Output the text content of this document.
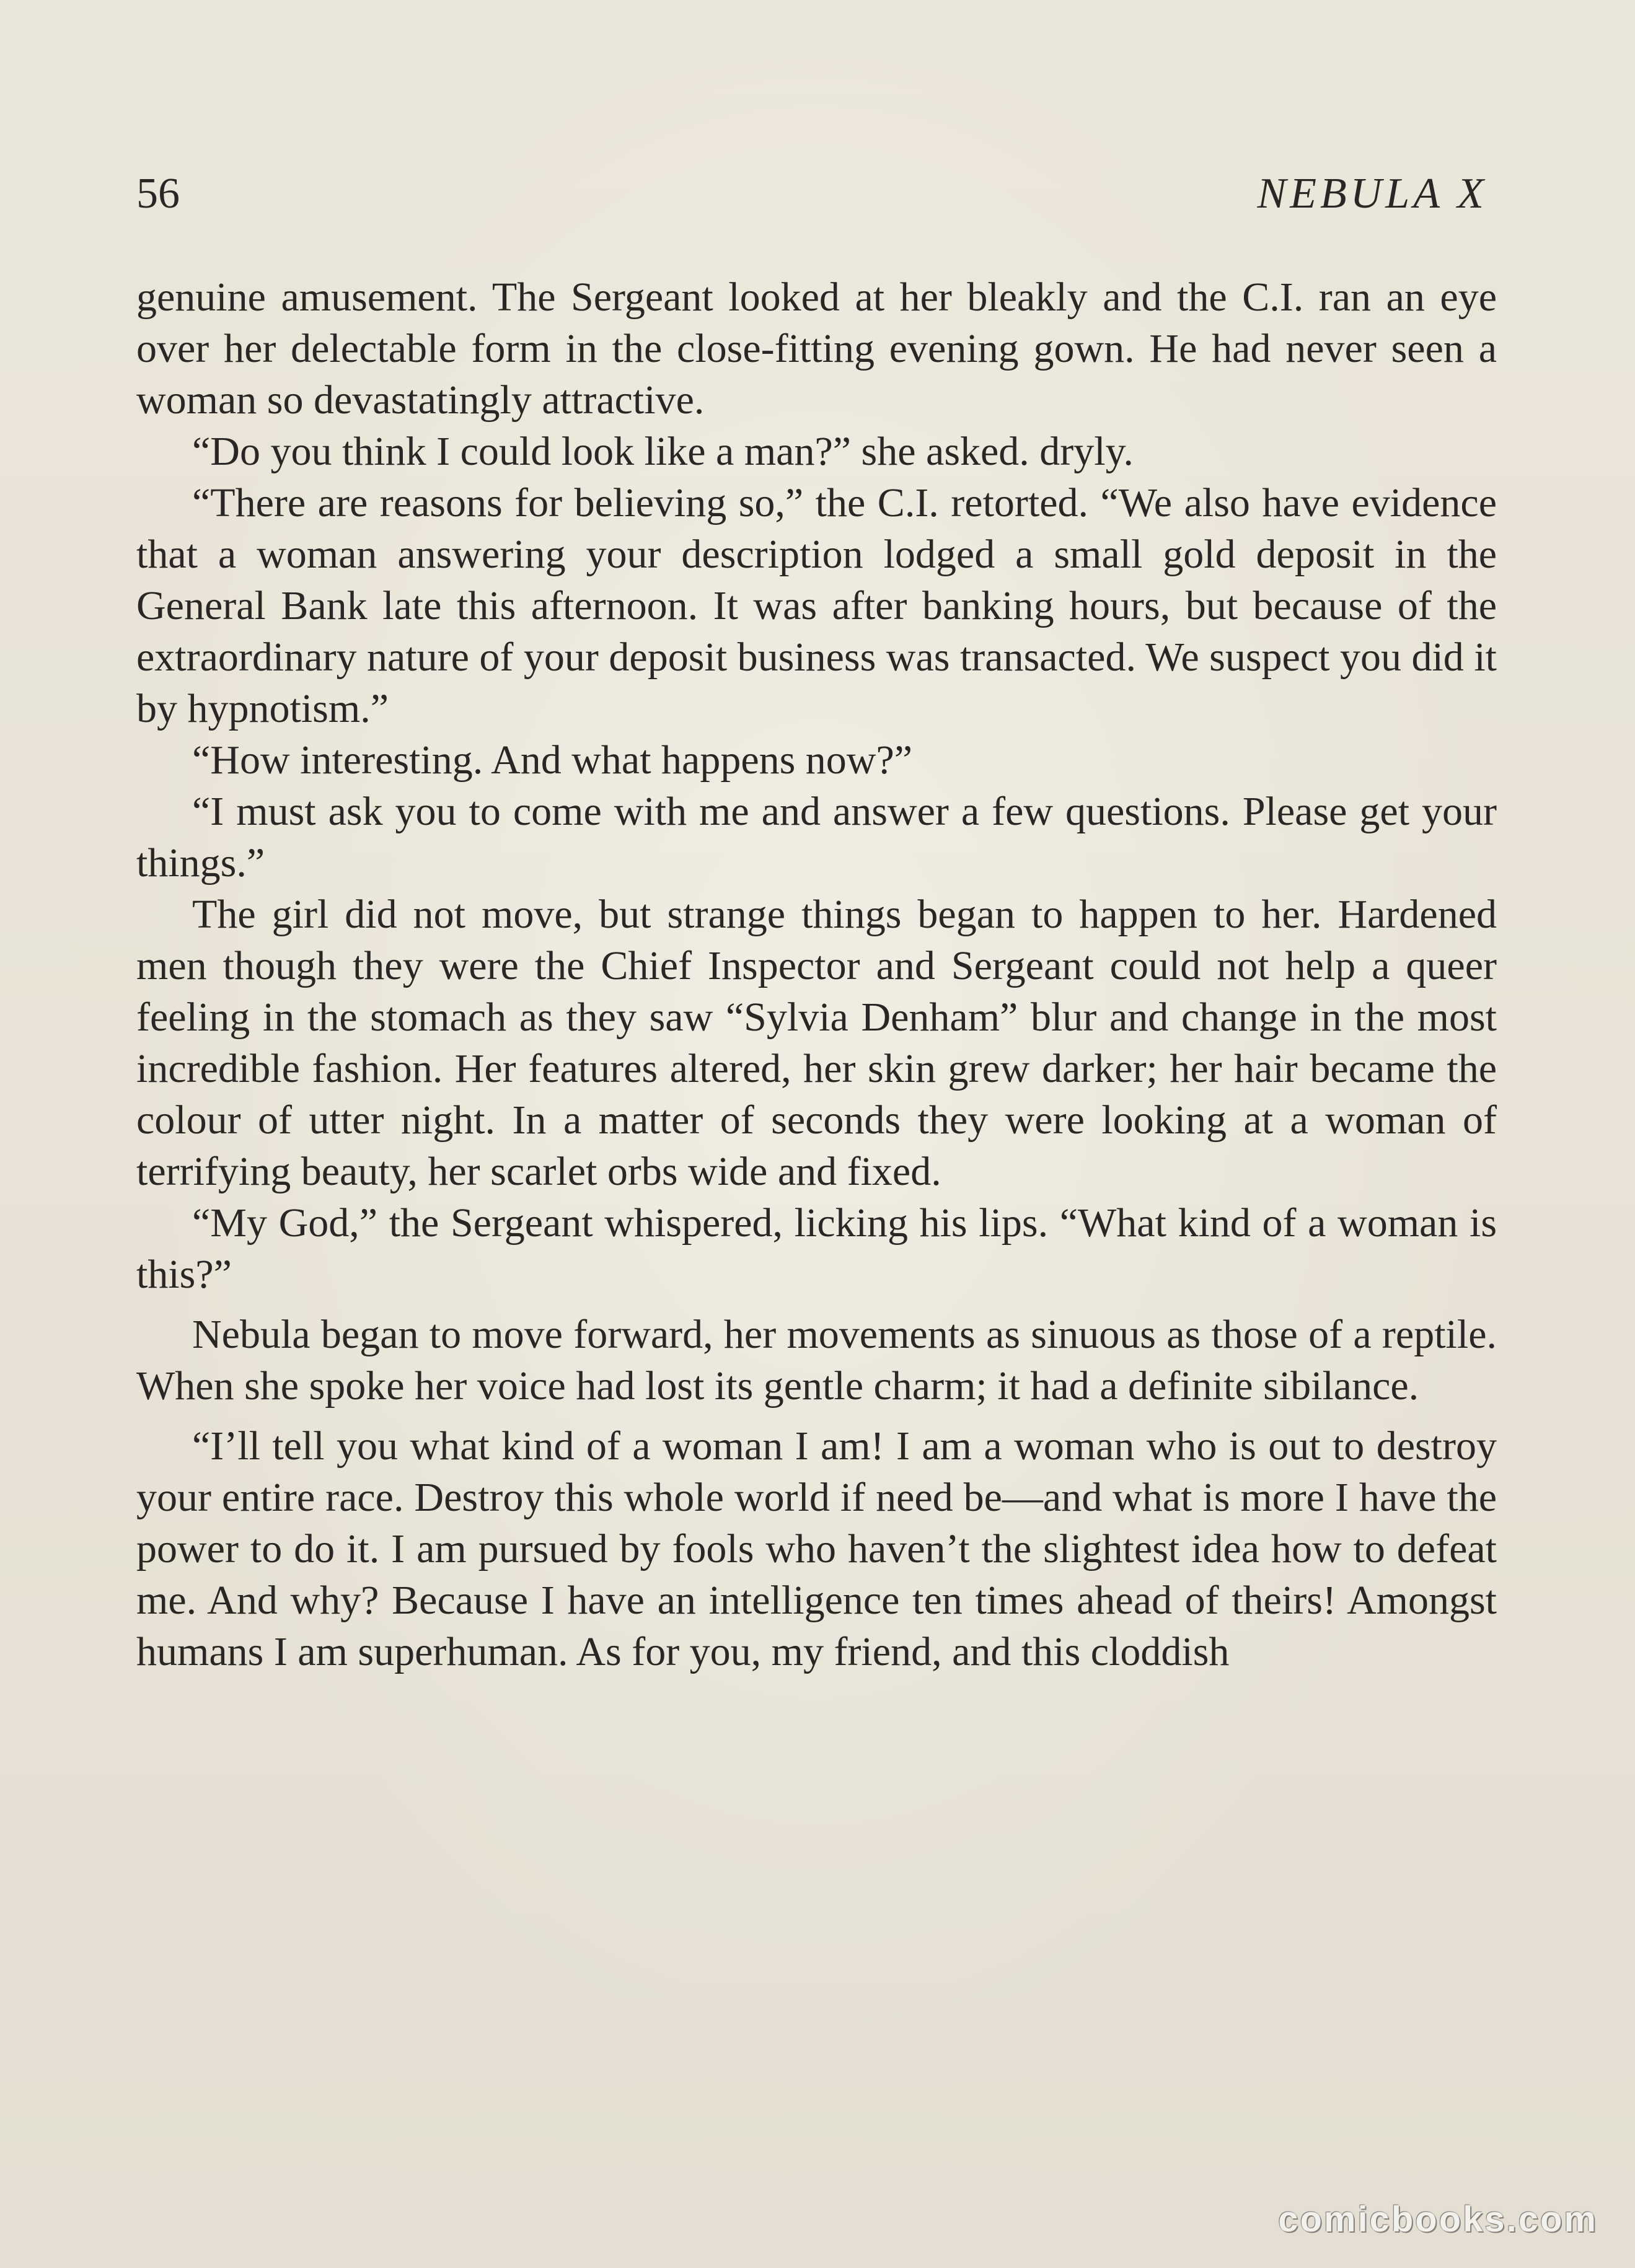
56	NEBULA X

genuine amusement. The Sergeant looked at her bleakly and the C.I. ran an eye over her delectable form in the close-fitting evening gown. He had never seen a woman so devastatingly attractive.

“Do you think I could look like a man?” she asked. dryly.

“There are reasons for believing so,” the C.I. retorted. “We also have evidence that a woman answering your description lodged a small gold deposit in the General Bank late this afternoon. It was after banking hours, but because of the extraordinary nature of your deposit business was transacted. We suspect you did it by hypnotism.”

“How interesting. And what happens now?”

“I must ask you to come with me and answer a few questions. Please get your things.”

The girl did not move, but strange things began to happen to her. Hardened men though they were the Chief Inspector and Sergeant could not help a queer feeling in the stomach as they saw “Sylvia Denham” blur and change in the most incredible fashion. Her features altered, her skin grew darker; her hair became the colour of utter night. In a matter of seconds they were looking at a woman of terrifying beauty, her scarlet orbs wide and fixed.

“My God,” the Sergeant whispered, licking his lips. “What kind of a woman is this?”

Nebula began to move forward, her movements as sinuous as those of a reptile. When she spoke her voice had lost its gentle charm; it had a definite sibilance.

“I’ll tell you what kind of a woman I am! I am a woman who is out to destroy your entire race. Destroy this whole world if need be—and what is more I have the power to do it. I am pursued by fools who haven’t the slightest idea how to defeat me. And why? Because I have an intelligence ten times ahead of theirs! Amongst humans I am superhuman. As for you, my friend, and this cloddish

comicbooks.com
